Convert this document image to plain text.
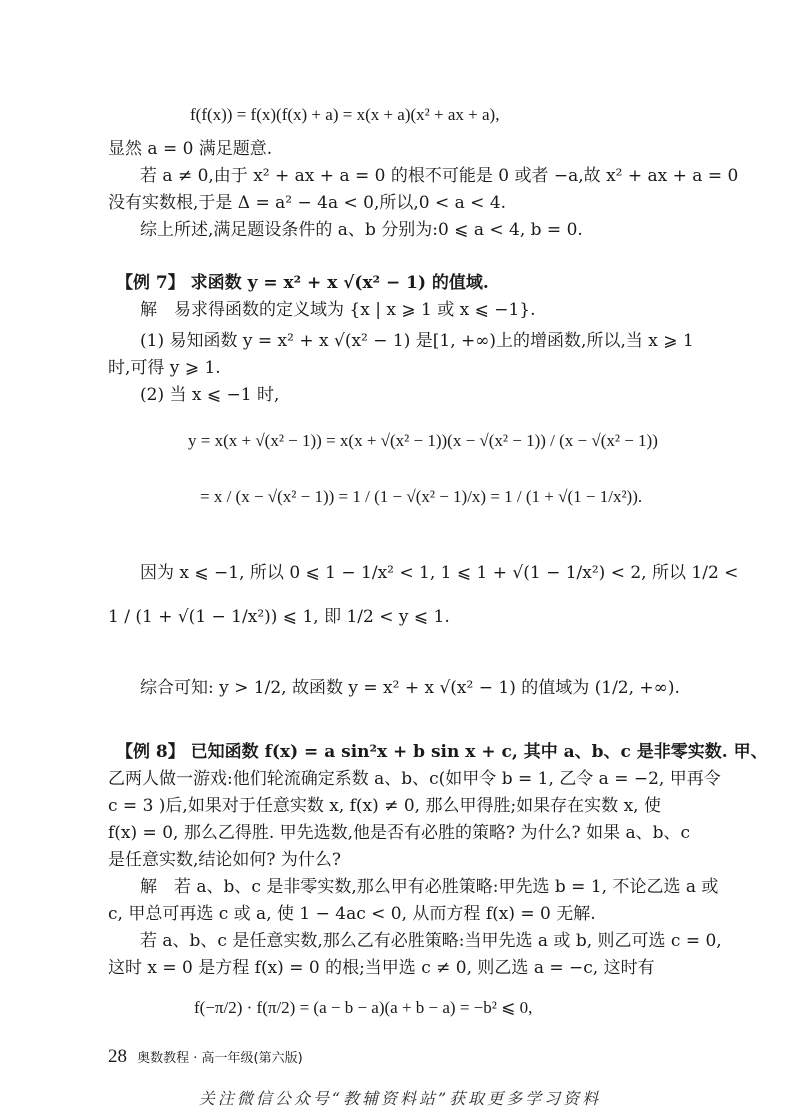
f(f(x)) = f(x)(f(x) + a) = x(x + a)(x² + ax + a),
显然 a = 0 满足题意.
若 a ≠ 0,由于 x² + ax + a = 0 的根不可能是 0 或者 −a,故 x² + ax + a = 0
没有实数根,于是 Δ = a² − 4a < 0,所以,0 < a < 4.
综上所述,满足题设条件的 a、b 分别为:0 ⩽ a < 4, b = 0.
【例 7】 求函数 y = x² + x √(x² − 1) 的值域.
解　易求得函数的定义域为 {x | x ⩾ 1 或 x ⩽ −1}.
(1) 易知函数 y = x² + x √(x² − 1) 是[1, +∞)上的增函数,所以,当 x ⩾ 1
时,可得 y ⩾ 1.
(2) 当 x ⩽ −1 时,
y = x(x + √(x² − 1)) = x(x + √(x² − 1))(x − √(x² − 1)) / (x − √(x² − 1))
= x / (x − √(x² − 1)) = 1 / (1 − √(x² − 1)/x) = 1 / (1 + √(1 − 1/x²)).
因为 x ⩽ −1, 所以 0 ⩽ 1 − 1/x² < 1, 1 ⩽ 1 + √(1 − 1/x²) < 2, 所以 1/2 <
1 / (1 + √(1 − 1/x²)) ⩽ 1, 即 1/2 < y ⩽ 1.
综合可知: y > 1/2, 故函数 y = x² + x √(x² − 1) 的值域为 (1/2, +∞).
【例 8】 已知函数 f(x) = a sin²x + b sin x + c, 其中 a、b、c 是非零实数. 甲、
乙两人做一游戏:他们轮流确定系数 a、b、c(如甲令 b = 1, 乙令 a = −2, 甲再令
c = 3 )后,如果对于任意实数 x, f(x) ≠ 0, 那么甲得胜;如果存在实数 x, 使
f(x) = 0, 那么乙得胜. 甲先选数,他是否有必胜的策略? 为什么? 如果 a、b、c
是任意实数,结论如何? 为什么?
解　若 a、b、c 是非零实数,那么甲有必胜策略:甲先选 b = 1, 不论乙选 a 或
c, 甲总可再选 c 或 a, 使 1 − 4ac < 0, 从而方程 f(x) = 0 无解.
若 a、b、c 是任意实数,那么乙有必胜策略:当甲先选 a 或 b, 则乙可选 c = 0,
这时 x = 0 是方程 f(x) = 0 的根;当甲选 c ≠ 0, 则乙选 a = −c, 这时有
f(−π/2) · f(π/2) = (a − b − a)(a + b − a) = −b² ⩽ 0,
28 奥数教程 · 高一年级(第六版)
关注微信公众号“教辅资料站”获取更多学习资料
